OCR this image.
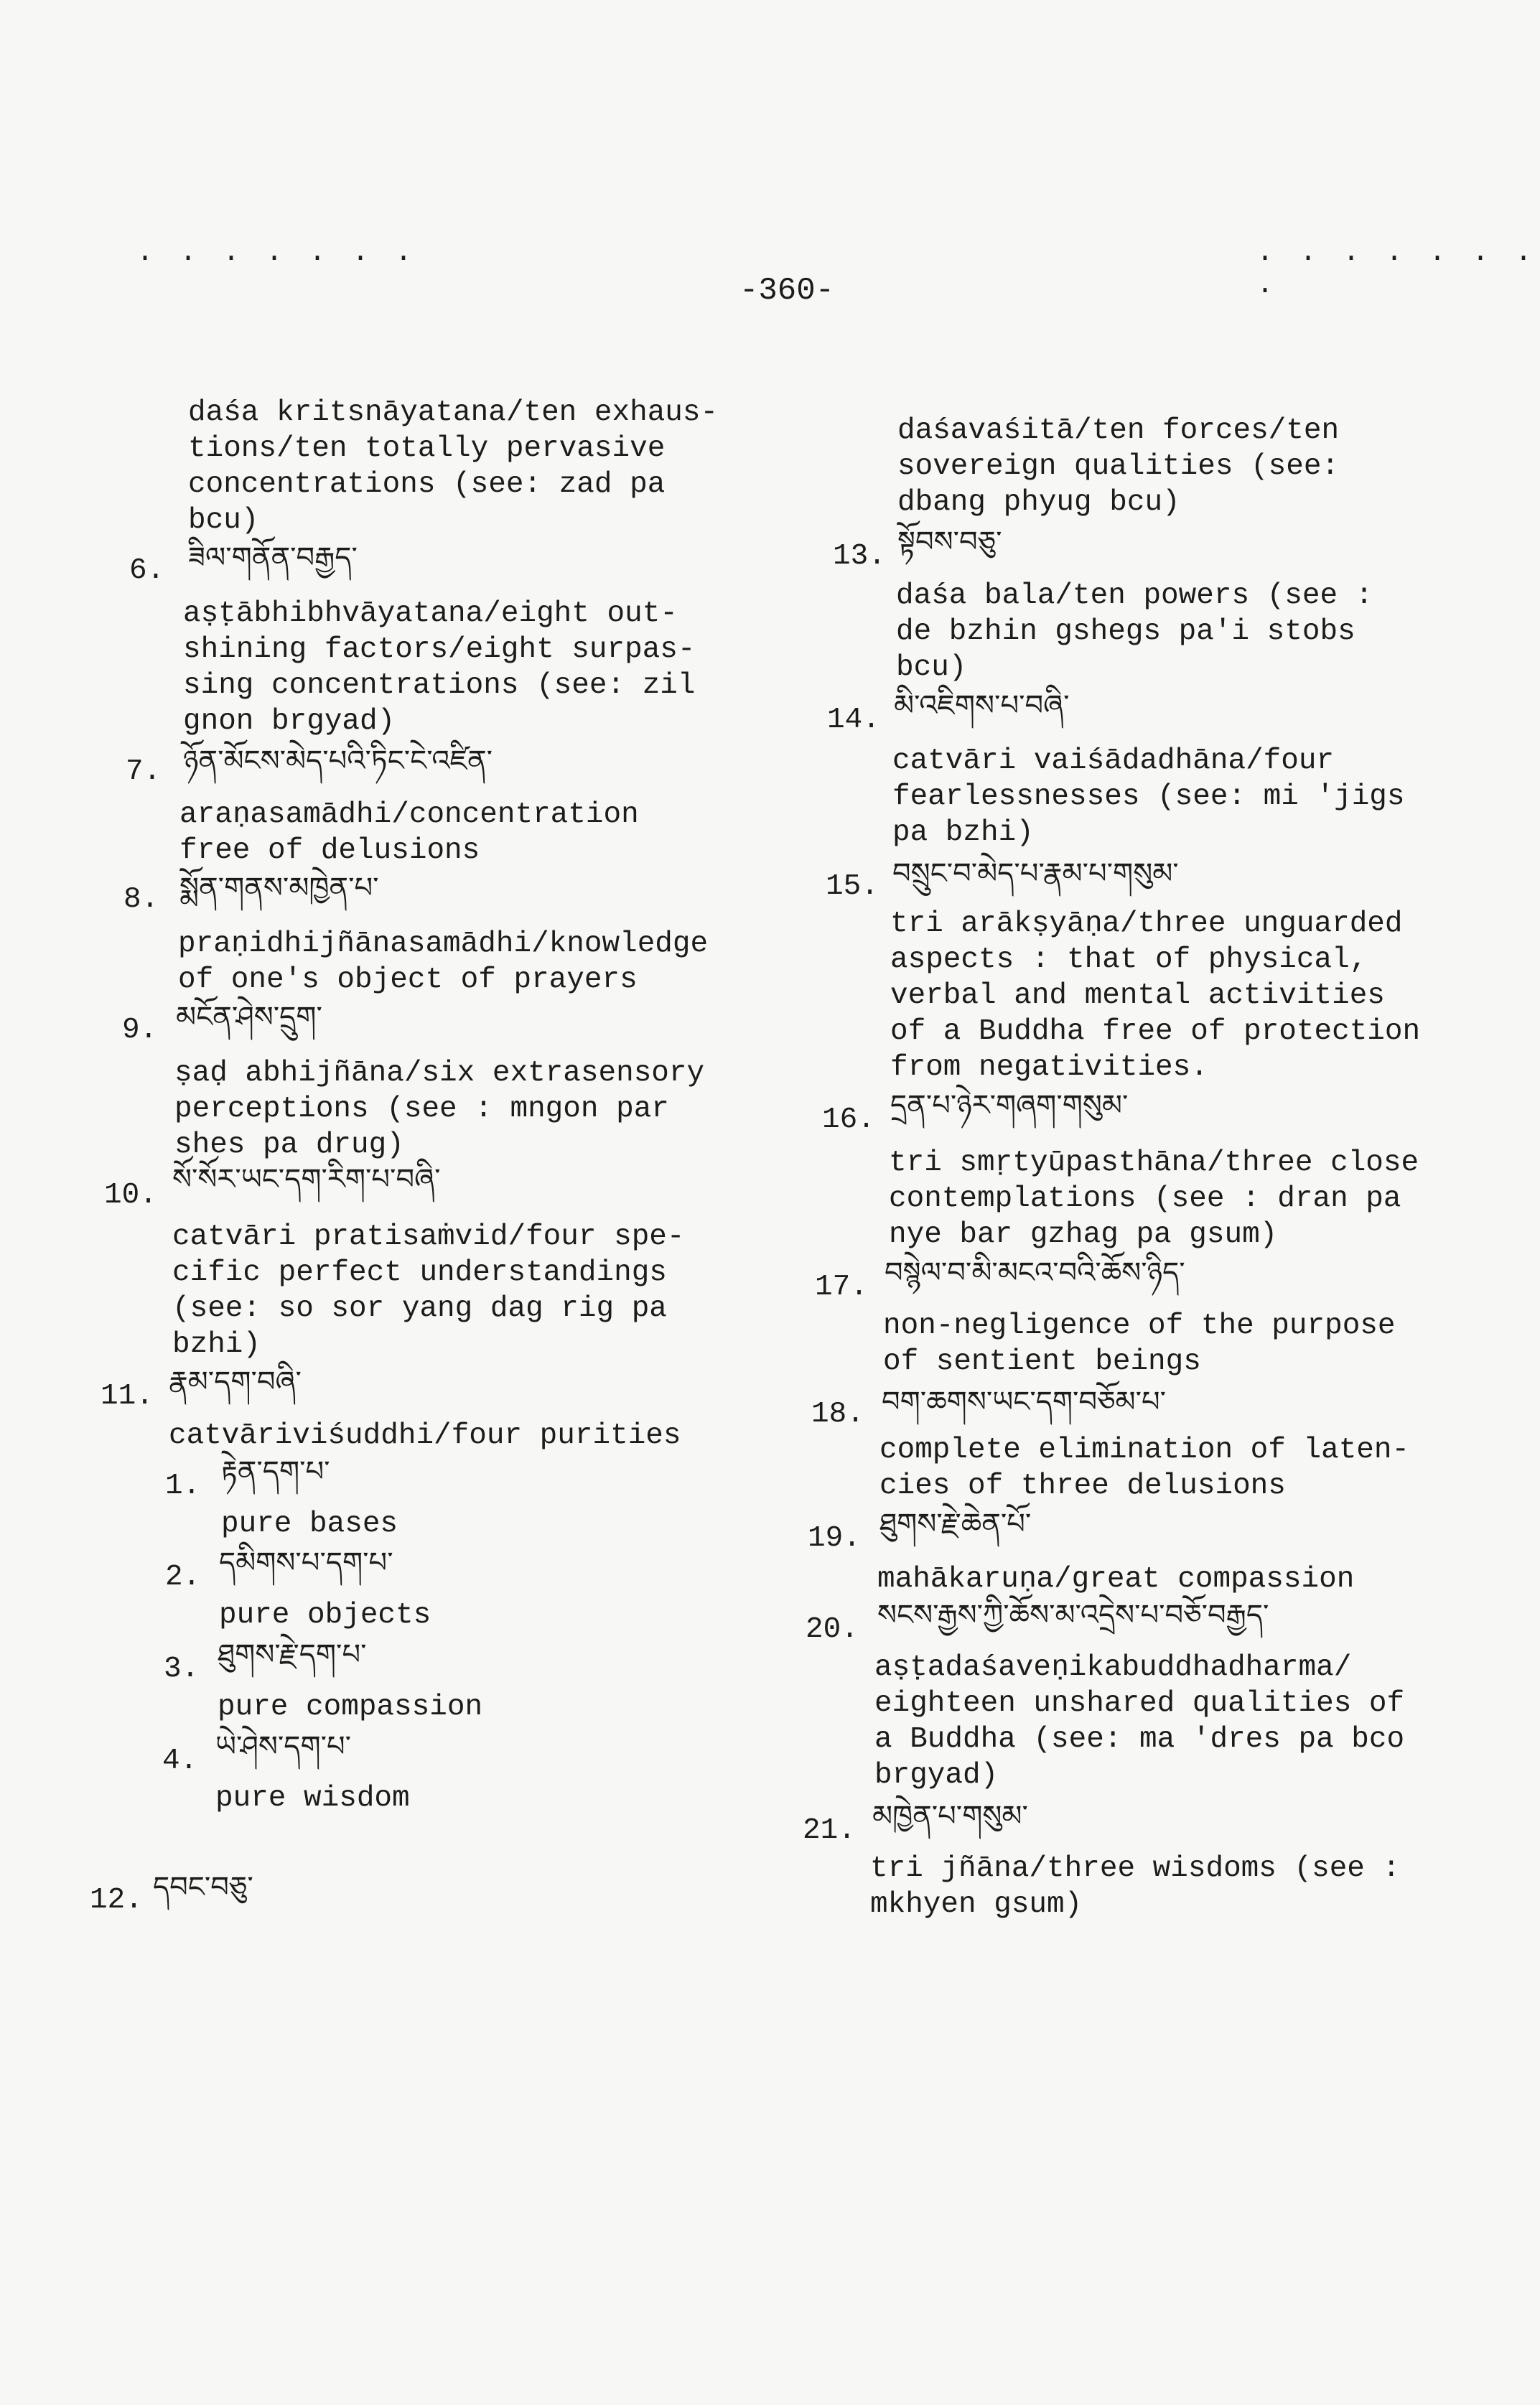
. . . . . . .
-360-
. . . . . . . .

daśa kritsnāyatana/ten exhaus-

tions/ten totally pervasive

concentrations (see: zad pa

bcu)

6.

ཟིལ་གནོན་བརྒྱད་

aṣṭābhibhvāyatana/eight out-

shining factors/eight surpas-

sing concentrations (see: zil

gnon brgyad)

7.

ཉོན་མོངས་མེད་པའི་ཏིང་ངེ་འཛིན་

araṇasamādhi/concentration

free of delusions

8.

སྨོན་གནས་མཁྱེན་པ་

praṇidhijñānasamādhi/knowledge

of one's object of prayers

9.

མངོན་ཤེས་དྲུག་

ṣaḍ abhijñāna/six extrasensory

perceptions (see : mngon par

shes pa drug)

10.

སོ་སོར་ཡང་དག་རིག་པ་བཞི་

catvāri pratisaṁvid/four spe-

cific perfect understandings

(see: so sor yang dag rig pa

bzhi)

11.

རྣམ་དག་བཞི་

catvāriviśuddhi/four purities

1.

རྟེན་དག་པ་

pure bases

2.

དམིགས་པ་དག་པ་

pure objects

3.

ཐུགས་རྗེ་དག་པ་

pure compassion

4.

ཡེ་ཤེས་དག་པ་

pure wisdom

12.

དབང་བཅུ་

daśavaśitā/ten forces/ten

sovereign qualities (see:

dbang phyug bcu)

13.

སྟོབས་བཅུ་

daśa bala/ten powers (see :

de bzhin gshegs pa'i stobs

bcu)

14.

མི་འཇིགས་པ་བཞི་

catvāri vaiśādadhāna/four

fearlessnesses (see: mi 'jigs

pa bzhi)

15.

བསྲུང་བ་མེད་པ་རྣམ་པ་གསུམ་

tri arākṣyāṇa/three unguarded

aspects : that of physical,

verbal and mental activities

of a Buddha free of protection

from negativities.

16.

དྲན་པ་ཉེར་གཞག་གསུམ་

tri smṛtyūpasthāna/three close

contemplations (see : dran pa

nye bar gzhag pa gsum)

17.

བསྙེལ་བ་མི་མངའ་བའི་ཆོས་ཉིད་

non-negligence of the purpose

of sentient beings

18.

བག་ཆགས་ཡང་དག་བཅོམ་པ་

complete elimination of laten-

cies of three delusions

19.

ཐུགས་རྗེ་ཆེན་པོ་

mahākaruṇa/great compassion

20.

སངས་རྒྱས་ཀྱི་ཆོས་མ་འདྲེས་པ་བཅོ་བརྒྱད་

aṣṭadaśaveṇikabuddhadharma/

eighteen unshared qualities of

a Buddha (see: ma 'dres pa bco

brgyad)

21.

མཁྱེན་པ་གསུམ་

tri jñāna/three wisdoms (see :

mkhyen gsum)
